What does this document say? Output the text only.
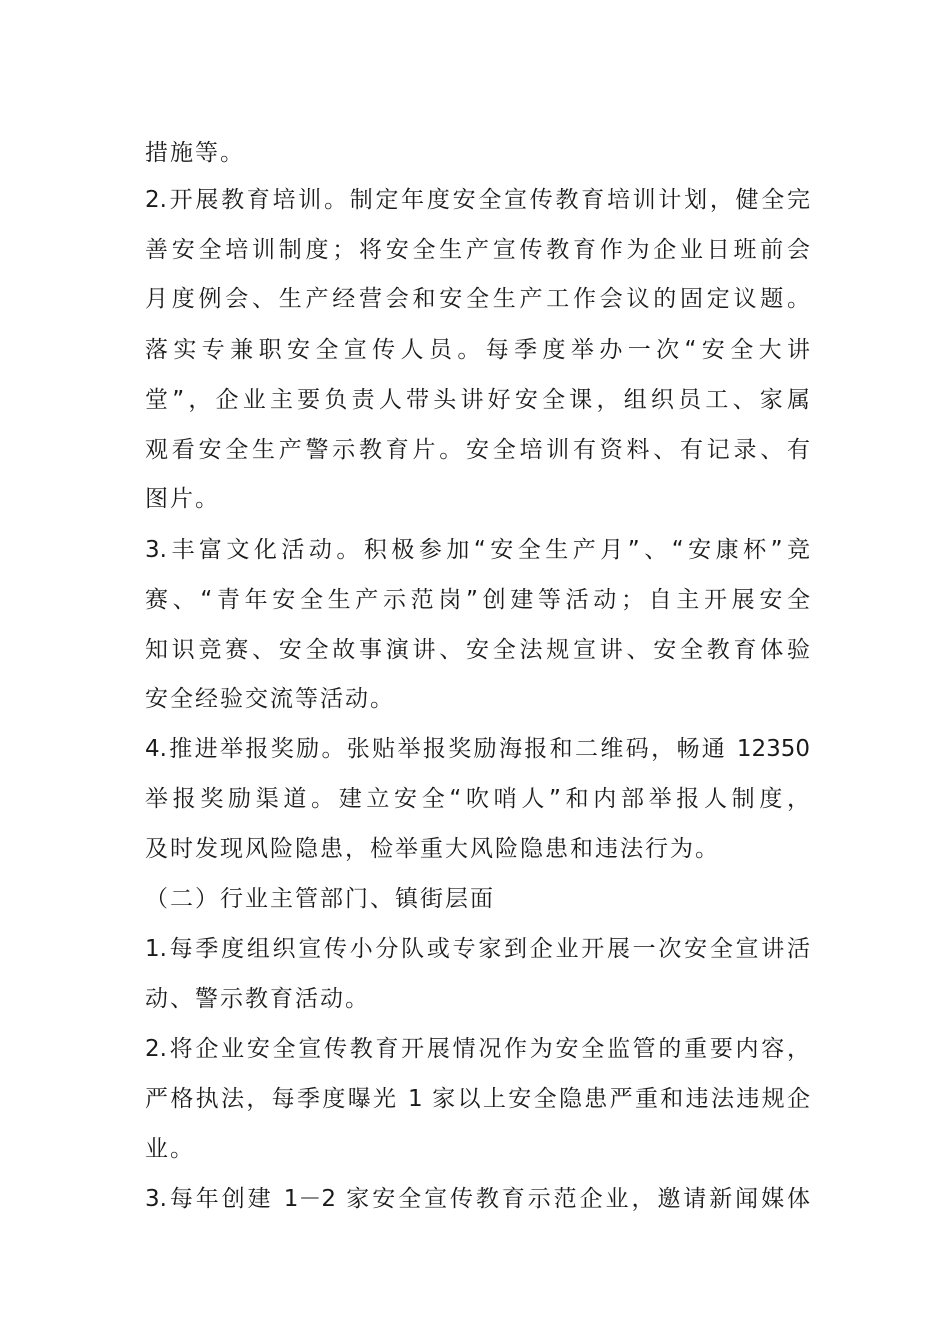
措施等。
2.开展教育培训。制定年度安全宣传教育培训计划，健全完
善安全培训制度；将安全生产宣传教育作为企业日班前会
月度例会、生产经营会和安全生产工作会议的固定议题。
落实专兼职安全宣传人员。每季度举办一次“安全大讲
堂”，企业主要负责人带头讲好安全课，组织员工、家属
观看安全生产警示教育片。安全培训有资料、有记录、有
图片。
3.丰富文化活动。积极参加“安全生产月”、“安康杯”竞
赛、“青年安全生产示范岗”创建等活动；自主开展安全
知识竞赛、安全故事演讲、安全法规宣讲、安全教育体验
安全经验交流等活动。
4.推进举报奖励。张贴举报奖励海报和二维码，畅通 12350
举报奖励渠道。建立安全“吹哨人”和内部举报人制度，
及时发现风险隐患，检举重大风险隐患和违法行为。
（二）行业主管部门、镇街层面
1.每季度组织宣传小分队或专家到企业开展一次安全宣讲活
动、警示教育活动。
2.将企业安全宣传教育开展情况作为安全监管的重要内容，
严格执法，每季度曝光 1 家以上安全隐患严重和违法违规企
业。
3.每年创建 1－2 家安全宣传教育示范企业，邀请新闻媒体
